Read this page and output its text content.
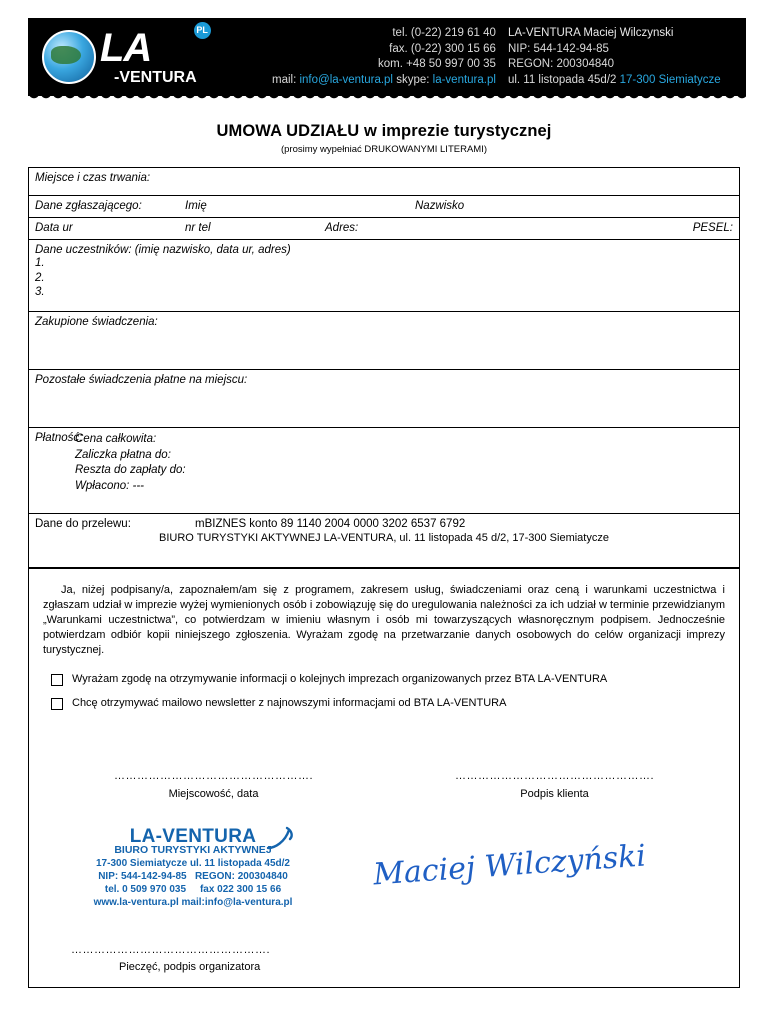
LA
-VENTURA
PL	tel. (0-22) 219 61 40
fax. (0-22) 300 15 66
kom. +48 50 997 00 35
mail: info@la-ventura.pl skype: la-ventura.pl
LA-VENTURA Maciej Wilczynski
NIP: 544-142-94-85
REGON: 200304840
ul. 11 listopada 45d/2 17-300 Siemiatycze
UMOWA UDZIAŁU w imprezie turystycznej
(prosimy wypełniać DRUKOWANYMI LITERAMI)
Miejsce i czas trwania:
Dane zgłaszającego:	Imię	Nazwisko
Data ur	nr tel	Adres:	PESEL:
Dane uczestników: (imię nazwisko, data ur, adres)
1.
2.
3.
Zakupione świadczenia:
Pozostałe świadczenia płatne na miejscu:
Płatność:
Cena całkowita:
Zaliczka płatna do:
Reszta do zapłaty do:
Wpłacono: ---
Dane do przelewu:	mBIZNES konto 89 1140 2004 0000 3202 6537 6792
BIURO TURYSTYKI AKTYWNEJ LA-VENTURA, ul. 11 listopada 45 d/2, 17-300 Siemiatycze
Ja, niżej podpisany/a, zapoznałem/am się z programem, zakresem usług, świadczeniami oraz ceną i warunkami uczestnictwa i zgłaszam udział w imprezie wyżej wymienionych osób i zobowiązuję się do uregulowania należności za ich udział w terminie przewidzianym „Warunkami uczestnictwa”, co potwierdzam w imieniu własnym i osób mi towarzyszących własnoręcznym podpisem. Jednocześnie potwierdzam odbiór kopii niniejszego zgłoszenia. Wyrażam zgodę na przetwarzanie danych osobowych do celów organizacji imprezy turystycznej.
Wyrażam zgodę na otrzymywanie informacji o kolejnych imprezach organizowanych przez BTA LA-VENTURA
Chcę otrzymywać mailowo newsletter z najnowszymi informacjami od BTA LA-VENTURA
…………………………………………….
Miejscowość, data
…………………………………………….
Podpis klienta
LA-VENTURA
BIURO TURYSTYKI AKTYWNEJ
17-300 Siemiatycze ul. 11 listopada 45d/2
NIP: 544-142-94-85 REGON: 200304840
tel. 0 509 970 035 fax 022 300 15 66
www.la-ventura.pl mail:info@la-ventura.pl
Maciej Wilczyński
…………………………………………….
Pieczęć, podpis organizatora
